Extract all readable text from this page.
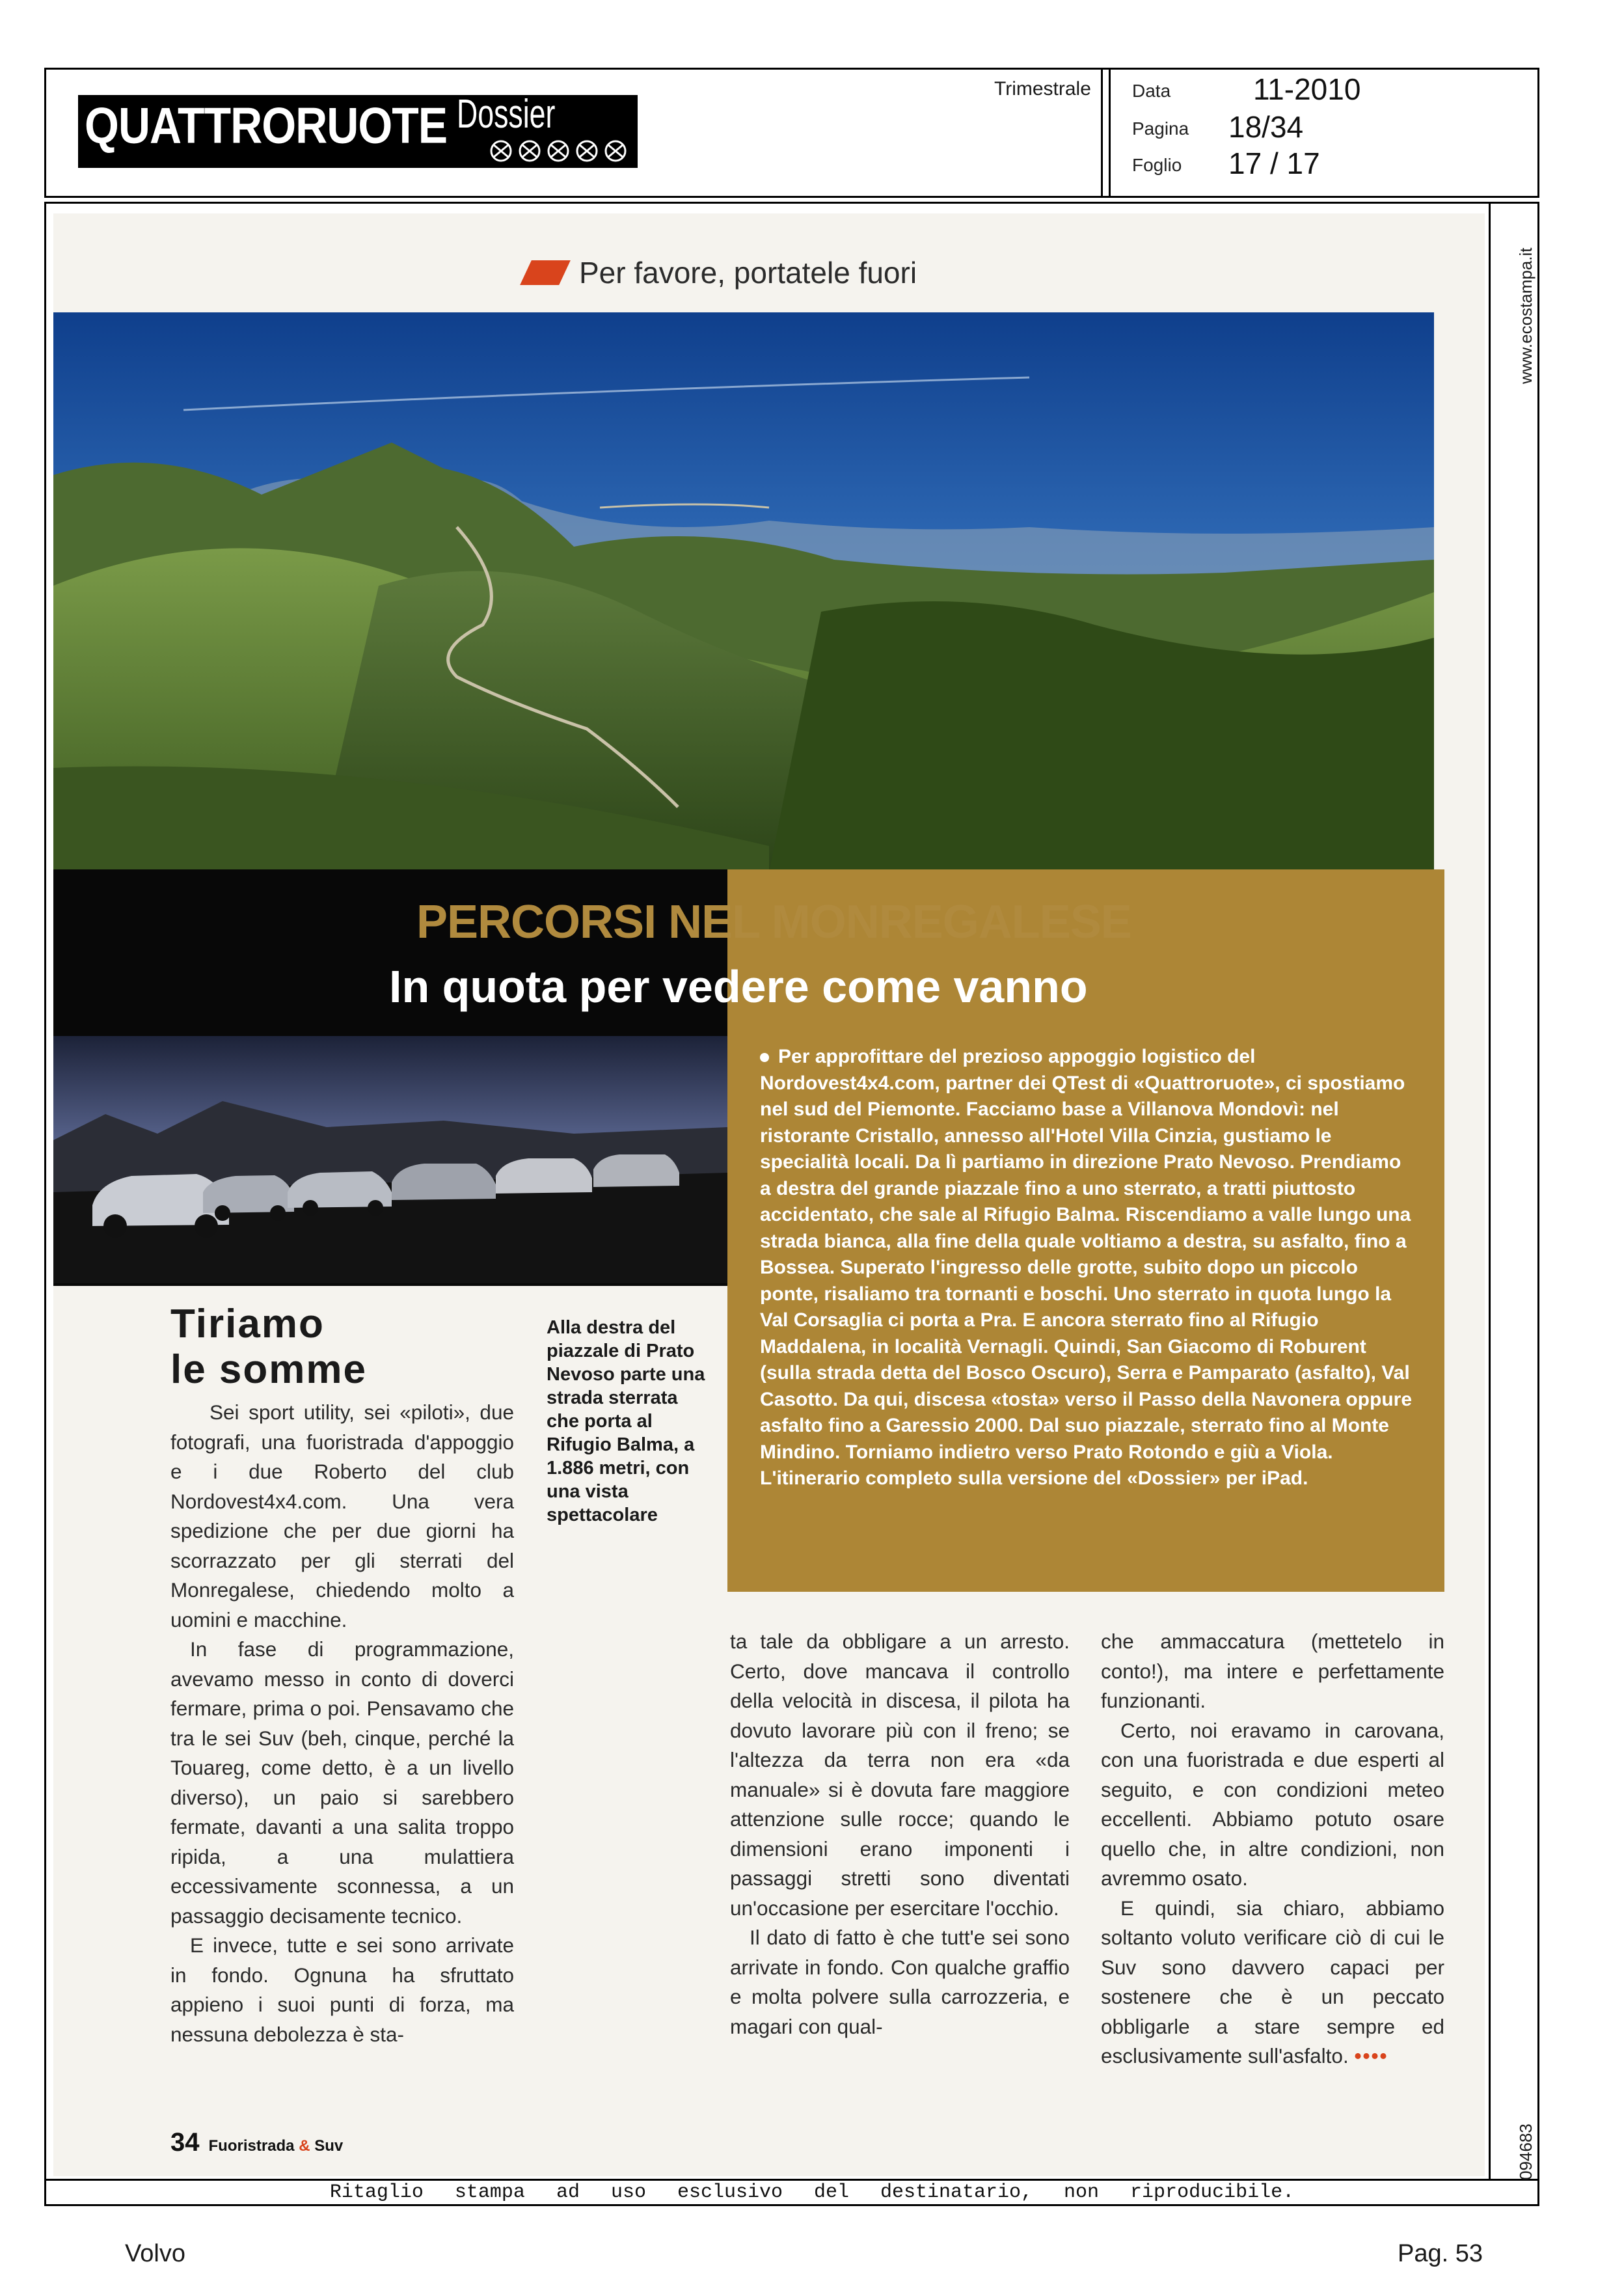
QUATTRORUOTE Dossier
Trimestrale Data	11-2010
Pagina 18/34
Foglio 17 / 17
www.ecostampa.it
094683
Per favore, portatele fuori
PERCORSI NEL MONREGALESE
In quota per vedere come vanno

Per approfittare del prezioso appoggio logistico del Nordovest4x4.com, partner dei QTest di «Quattroruote», ci spostiamo nel sud del Piemonte. Facciamo base a Villanova Mondovì: nel ristorante Cristallo, annesso all'Hotel Villa Cinzia, gustiamo le specialità locali. Da lì partiamo in direzione Prato Nevoso. Prendiamo a destra del grande piazzale fino a uno sterrato, a tratti piuttosto accidentato, che sale al Rifugio Balma. Riscendiamo a valle lungo una strada bianca, alla fine della quale voltiamo a destra, su asfalto, fino a Bossea. Superato l'ingresso delle grotte, subito dopo un piccolo ponte, risaliamo tra tornanti e boschi. Uno sterrato in quota lungo la Val Corsaglia ci porta a Pra. E ancora sterrato fino al Rifugio Maddalena, in località Vernagli. Quindi, San Giacomo di Roburent (sulla strada detta del Bosco Oscuro), Serra e Pamparato (asfalto), Val Casotto. Da qui, discesa «tosta» verso il Passo della Navonera oppure asfalto fino a Garessio 2000. Dal suo piazzale, sterrato fino al Monte Mindino. Torniamo indietro verso Prato Rotondo e giù a Viola. L'itinerario completo sulla versione del «Dossier» per iPad.

Tiriamo
le somme
Alla destra del piazzale di Prato Nevoso parte una strada sterrata che porta al Rifugio Balma, a 1.886 metri, con una vista spettacolare

Sei sport utility, sei «piloti», due fotografi, una fuoristrada d'appoggio e i due Roberto del club Nordovest4x4.com. Una vera spedizione che per due giorni ha scorrazzato per gli sterrati del Monregalese, chiedendo molto a uomini e macchine.

In fase di programmazione, avevamo messo in conto di doverci fermare, prima o poi. Pensavamo che tra le sei Suv (beh, cinque, perché la Touareg, come detto, è a un livello diverso), un paio si sarebbero fermate, davanti a una salita troppo ripida, a una mulattiera eccessivamente sconnessa, a un passaggio decisamente tecnico.

E invece, tutte e sei sono arrivate in fondo. Ognuna ha sfruttato appieno i suoi punti di forza, ma nessuna debolezza è sta-

ta tale da obbligare a un arresto. Certo, dove mancava il controllo della velocità in discesa, il pilota ha dovuto lavorare più con il freno; se l'altezza da terra non era «da manuale» si è dovuta fare maggiore attenzione sulle rocce; quando le dimensioni erano imponenti i passaggi stretti sono diventati un'occasione per esercitare l'occhio.

Il dato di fatto è che tutt'e sei sono arrivate in fondo. Con qualche graffio e molta polvere sulla carrozzeria, e magari con qual-

che ammaccatura (mettetelo in conto!), ma intere e perfettamente funzionanti.

Certo, noi eravamo in carovana, con una fuoristrada e due esperti al seguito, e con condizioni meteo eccellenti. Abbiamo potuto osare quello che, in altre condizioni, non avremmo osato.

E quindi, sia chiaro, abbiamo soltanto voluto verificare ciò di cui le Suv sono davvero capaci per sostenere che è un peccato obbligarle a stare sempre ed esclusivamente sull'asfalto. ••••

34 Fuoristrada & Suv
Ritaglio stampa ad uso esclusivo del destinatario, non riproducibile.
Volvo	Pag. 53
